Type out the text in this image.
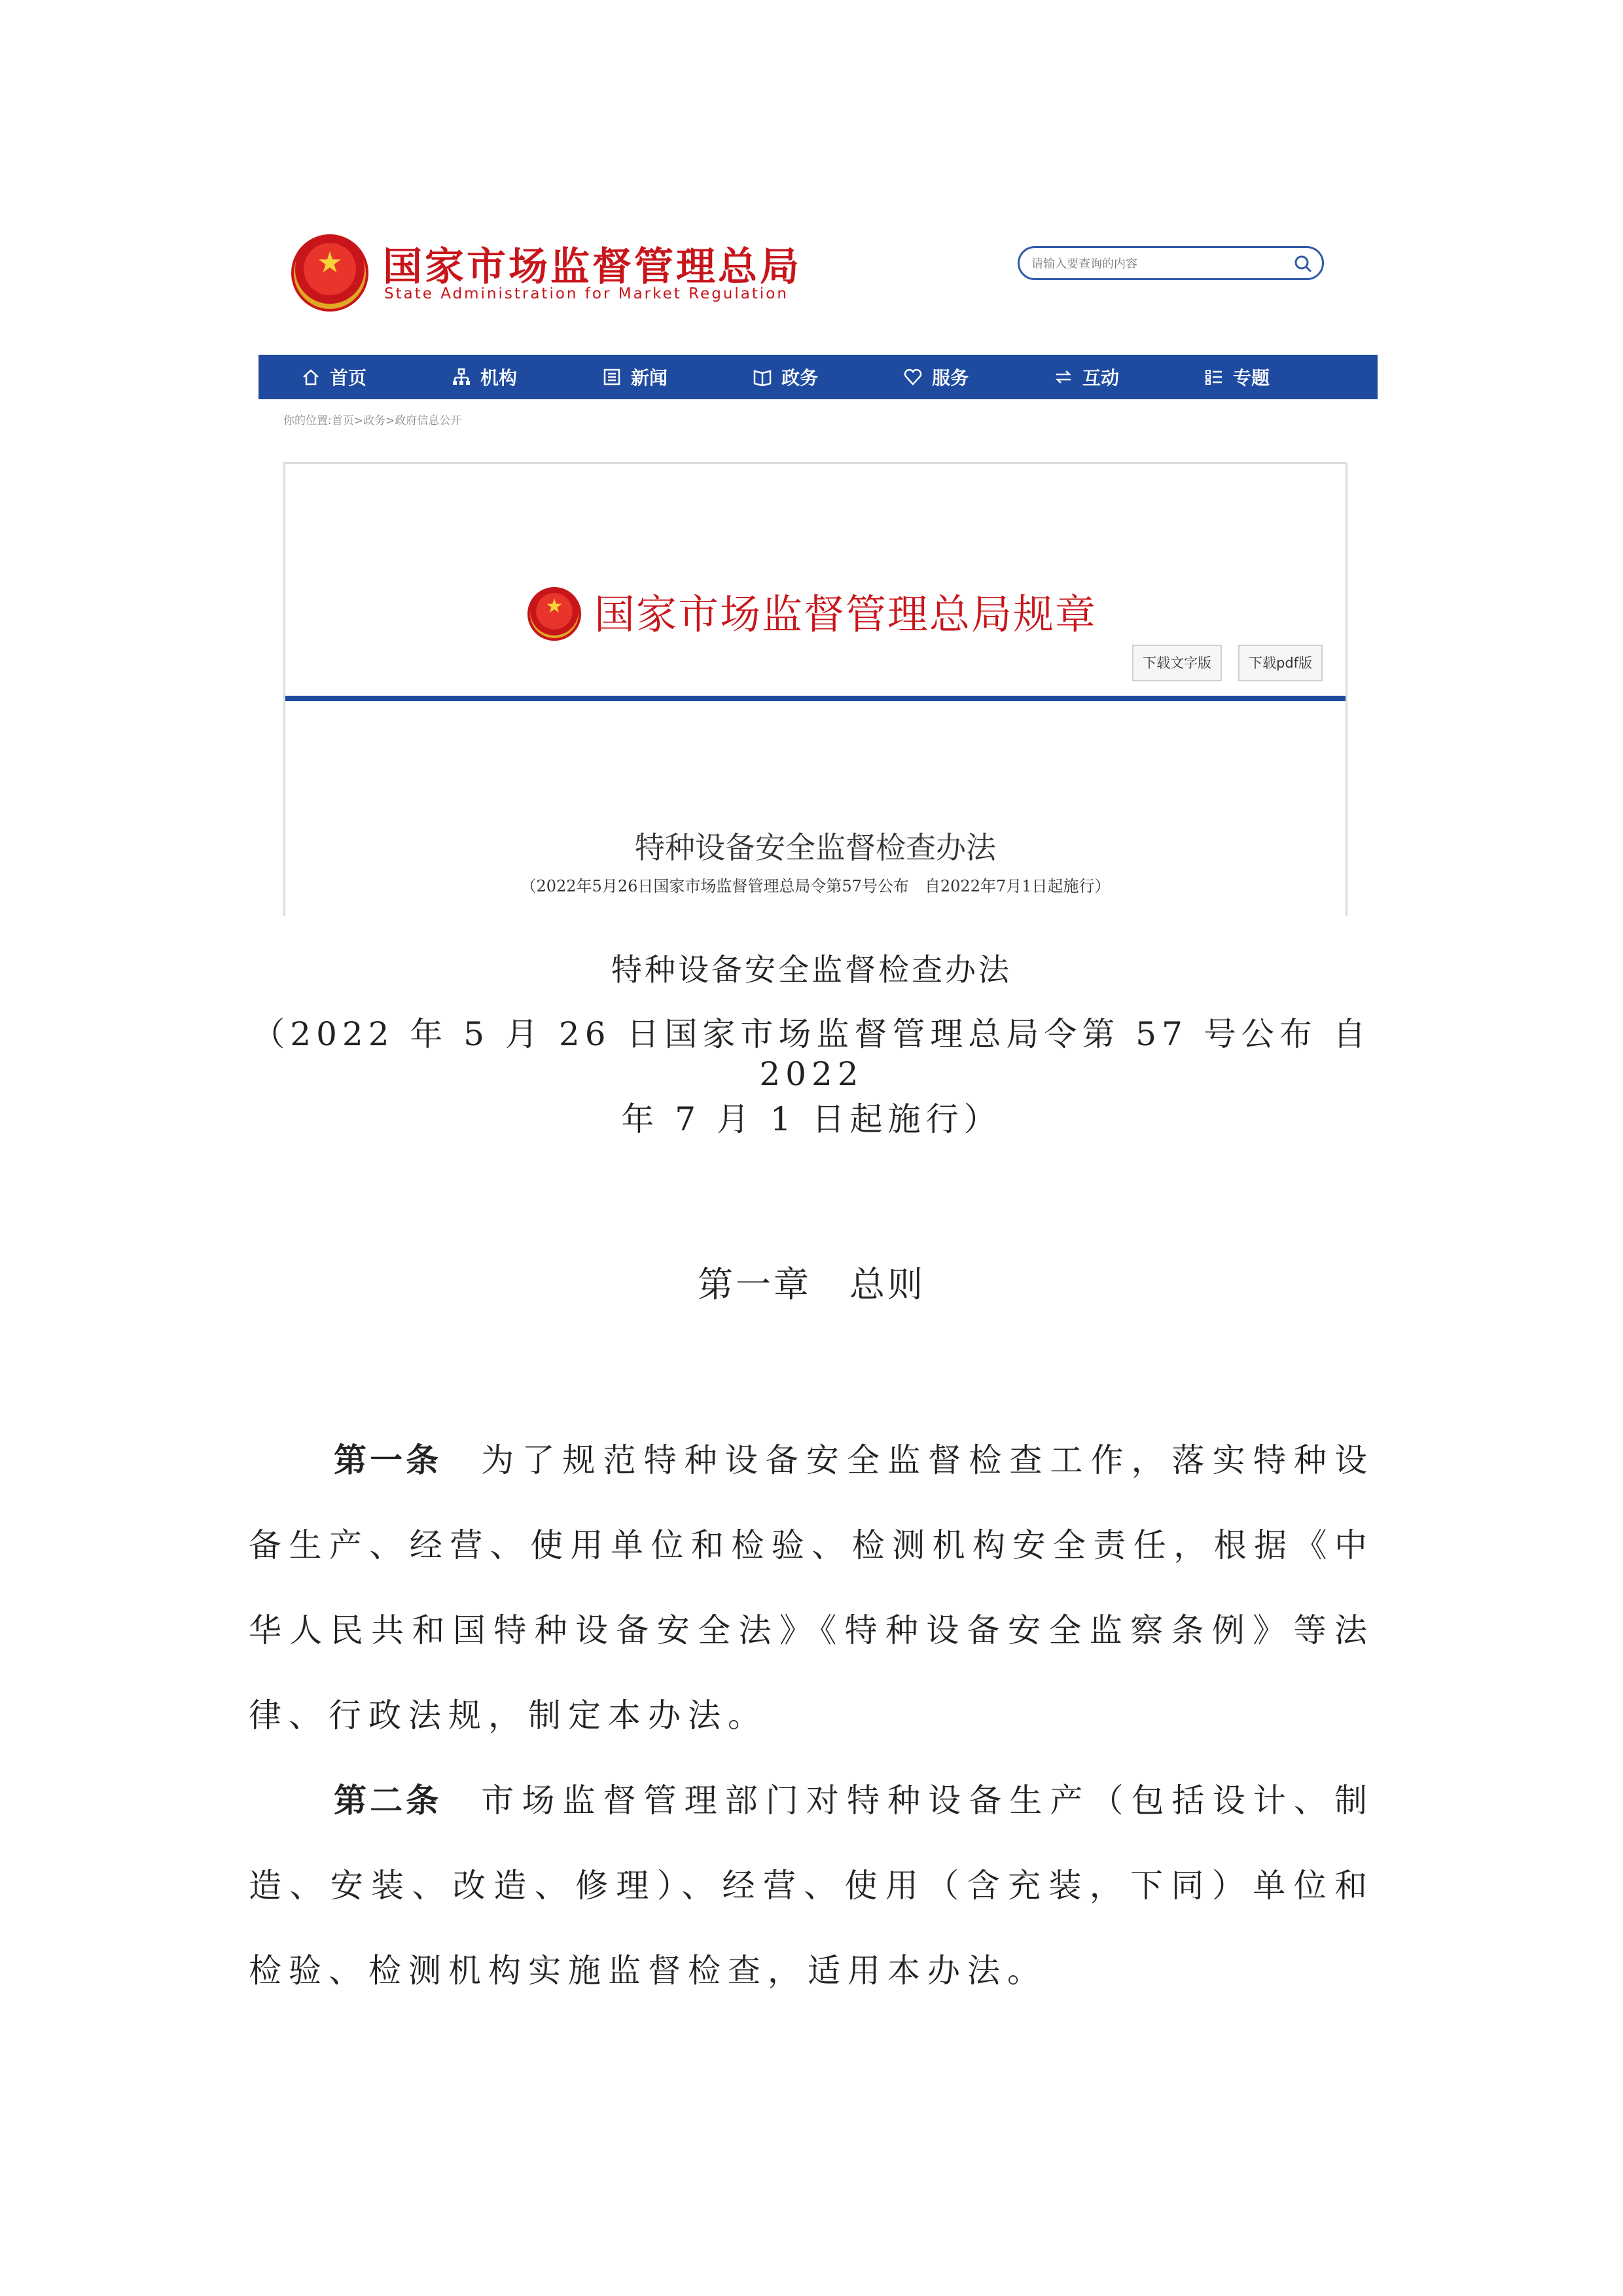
★
国家市场监督管理总局
State Administration for Market Regulation
请输入要查询的内容
首页	机构	新闻	政务	服务	互动	专题
你的位置:首页>政务>政府信息公开
★
国家市场监督管理总局规章
下载文字版	下载pdf版
特种设备安全监督检查办法
（2022年5月26日国家市场监督管理总局令第57号公布　自2022年7月1日起施行）
特种设备安全监督检查办法
（2022 年 5 月 26 日国家市场监督管理总局令第 57 号公布 自 2022
年 7 月 1 日起施行）
第一章　总则

第一条 为了规范特种设备安全监督检查工作，落实特种设备生产、经营、使用单位和检验、检测机构安全责任，根据《中华人民共和国特种设备安全法》《特种设备安全监察条例》等法律、行政法规，制定本办法。

第二条 市场监督管理部门对特种设备生产（包括设计、制造、安装、改造、修理）、经营、使用（含充装，下同）单位和检验、检测机构实施监督检查，适用本办法。
